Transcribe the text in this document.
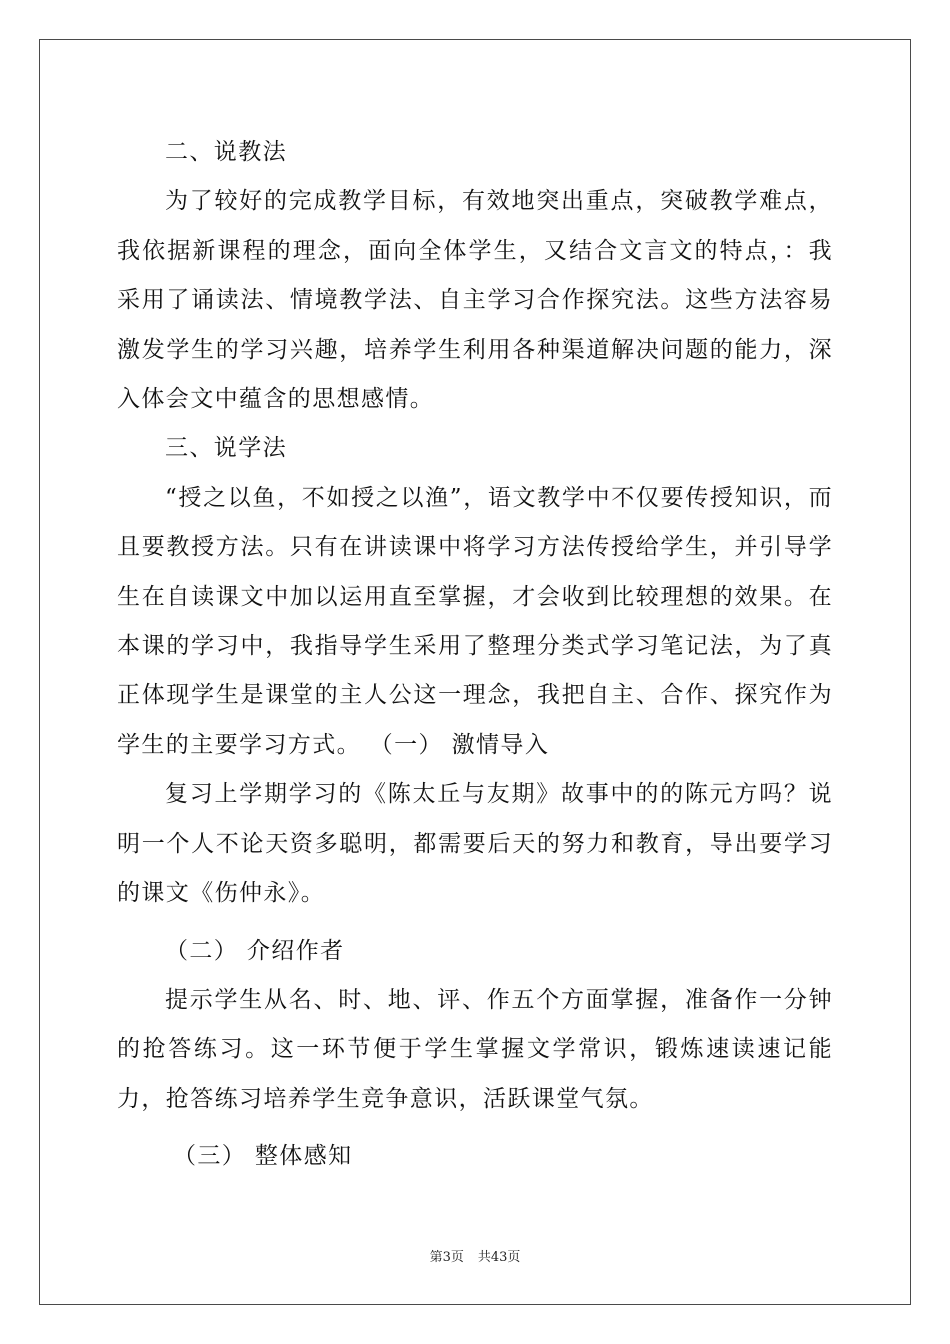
二、说教法

为了较好的完成教学目标，有效地突出重点，突破教学难点，我依据新课程的理念，面向全体学生，又结合文言文的特点，：我采用了诵读法、情境教学法、自主学习合作探究法。这些方法容易激发学生的学习兴趣，培养学生利用各种渠道解决问题的能力，深入体会文中蕴含的思想感情。

三、说学法

“授之以鱼，不如授之以渔”，语文教学中不仅要传授知识，而且要教授方法。只有在讲读课中将学习方法传授给学生，并引导学生在自读课文中加以运用直至掌握，才会收到比较理想的效果。在本课的学习中，我指导学生采用了整理分类式学习笔记法，为了真正体现学生是课堂的主人公这一理念，我把自主、合作、探究作为学生的主要学习方式。 （一） 激情导入

复习上学期学习的《陈太丘与友期》故事中的的陈元方吗？说明一个人不论天资多聪明，都需要后天的努力和教育，导出要学习的课文《伤仲永》。

（二） 介绍作者

提示学生从名、时、地、评、作五个方面掌握，准备作一分钟的抢答练习。这一环节便于学生掌握文学常识，锻炼速读速记能力，抢答练习培养学生竞争意识，活跃课堂气氛。

（三） 整体感知

第3页 共43页
